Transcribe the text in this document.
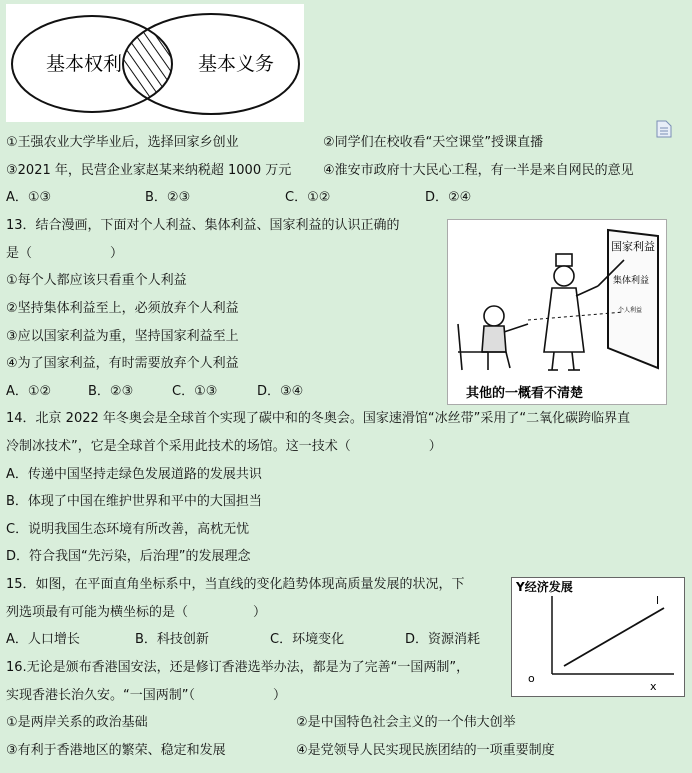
基本权利	基本义务
①王强农业大学毕业后，选择回家乡创业	②同学们在校收看“天空课堂”授课直播
③2021 年，民营企业家赵某来纳税超 1000 万元 ④淮安市政府十大民心工程，有一半是来自网民的意见
A．①③	B．②③	C．①②	D．②④
13．结合漫画，下面对个人利益、集体利益、国家利益的认识正确的
是（　　　　　　）
①每个人都应该只看重个人利益
②坚持集体利益至上，必须放弃个人利益
③应以国家利益为重，坚持国家利益至上
④为了国家利益，有时需要放弃个人利益
A．①②	B．②③	C．①③	D．③④
国家利益
集体利益
个人利益
其他的一概看不清楚
14．北京 2022 年冬奥会是全球首个实现了碳中和的冬奥会。国家速滑馆“冰丝带”采用了“二氧化碳跨临界直
冷制冰技术”，它是全球首个采用此技术的场馆。这一技术（　　　　　　）
A．传递中国坚持走绿色发展道路的发展共识
B．体现了中国在维护世界和平中的大国担当
C．说明我国生态环境有所改善，高枕无忧
D．符合我国“先污染，后治理”的发展理念
15．如图，在平面直角坐标系中，当直线的变化趋势体现高质量发展的状况，下
列选项最有可能为横坐标的是（　　　　　）
A．人口增长	B．科技创新	C．环境变化	D．资源消耗
Y经济发展
l
o
x
16.无论是颁布香港国安法，还是修订香港选举办法，都是为了完善“一国两制”，
实现香港长治久安。“一国两制”（　　　　　　）
①是两岸关系的政治基础	②是中国特色社会主义的一个伟大创举
③有利于香港地区的繁荣、稳定和发展	④是党领导人民实现民族团结的一项重要制度
